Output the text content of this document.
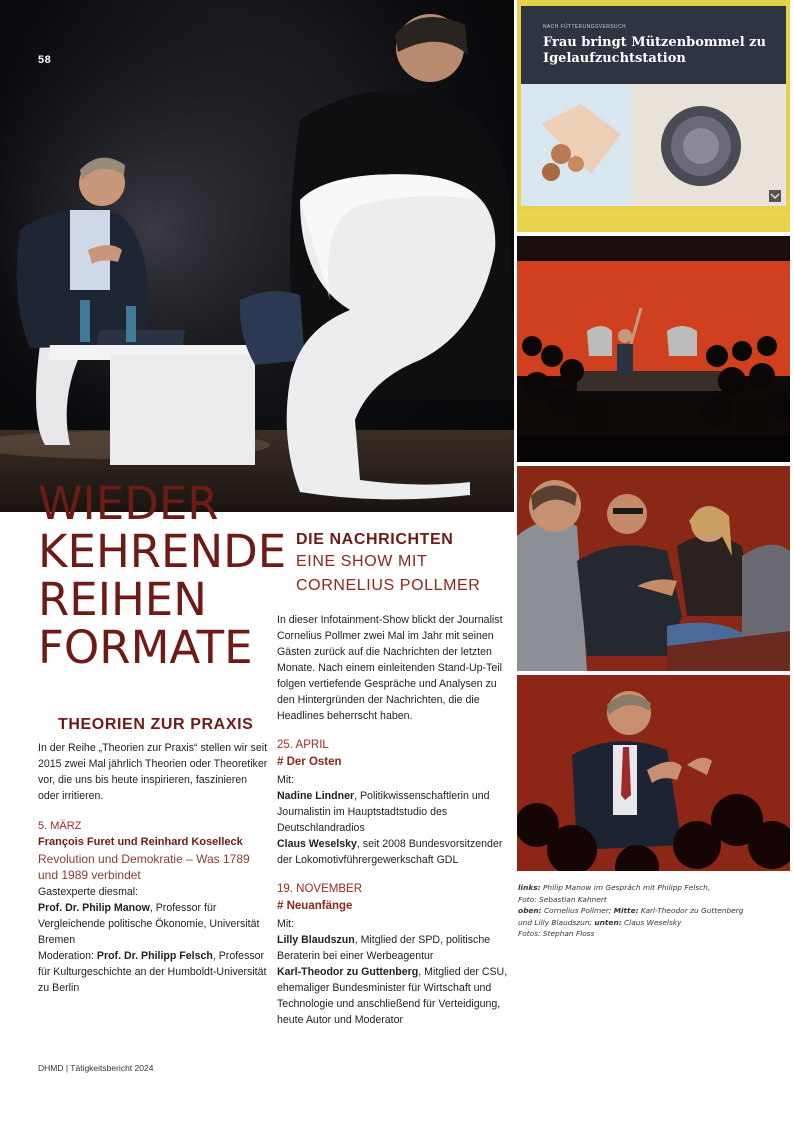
58
WIEDER
KEHRENDE
REIHEN
FORMATE
THEORIEN ZUR PRAXIS

In der Reihe „Theorien zur Praxis“ stellen wir seit 2015 zwei Mal jährlich Theorien oder Theoretiker vor, die uns bis heute inspirieren, faszinieren oder irritieren.

5. MÄRZ
François Furet und Reinhard Koselleck

Revolution und Demokratie – Was 1789 und 1989 verbindet

Gastexperte diesmal:
Prof. Dr. Philip Manow, Professor für Vergleichende politische Ökonomie, Universität Bremen
Moderation: Prof. Dr. Philipp Felsch, Professor für Kulturgeschichte an der Humboldt-Universität zu Berlin
DIE NACHRICHTEN
EINE SHOW MIT
CORNELIUS POLLMER

In dieser Infotainment-Show blickt der Journalist Cornelius Pollmer zwei Mal im Jahr mit seinen Gästen zurück auf die Nachrichten der letzten Monate. Nach einem einleitenden Stand-Up-Teil folgen vertiefende Gespräche und Analysen zu den Hintergründen der Nachrichten, die die Headlines beherrscht haben.

25. APRIL
# Der Osten
Mit:
Nadine Lindner, Politikwissenschaftlerin und Journalistin im Hauptstadtstudio des Deutschlandradios
Claus Weselsky, seit 2008 Bundesvorsitzender der Lokomotivführergewerkschaft GDL
19. NOVEMBER
# Neuanfänge
Mit:
Lilly Blaudszun, Mitglied der SPD, politische Beraterin bei einer Werbeagentur
Karl-Theodor zu Guttenberg, Mitglied der CSU, ehemaliger Bundesminister für Wirtschaft und Technologie und anschließend für Verteidigung, heute Autor und Moderator
NACH FÜTTERUNGSVERSUCH
Frau bringt Mützenbommel zu Igelaufzuchtstation

links: Philip Manow im Gespräch mit Philipp Felsch,
Foto: Sebastian Kahnert
oben: Cornelius Pollmer; Mitte: Karl-Theodor zu Guttenberg und Lilly Blaudszun; unten: Claus Weselsky
Fotos: Stephan Floss

DHMD | Tätigkeitsbericht 2024
